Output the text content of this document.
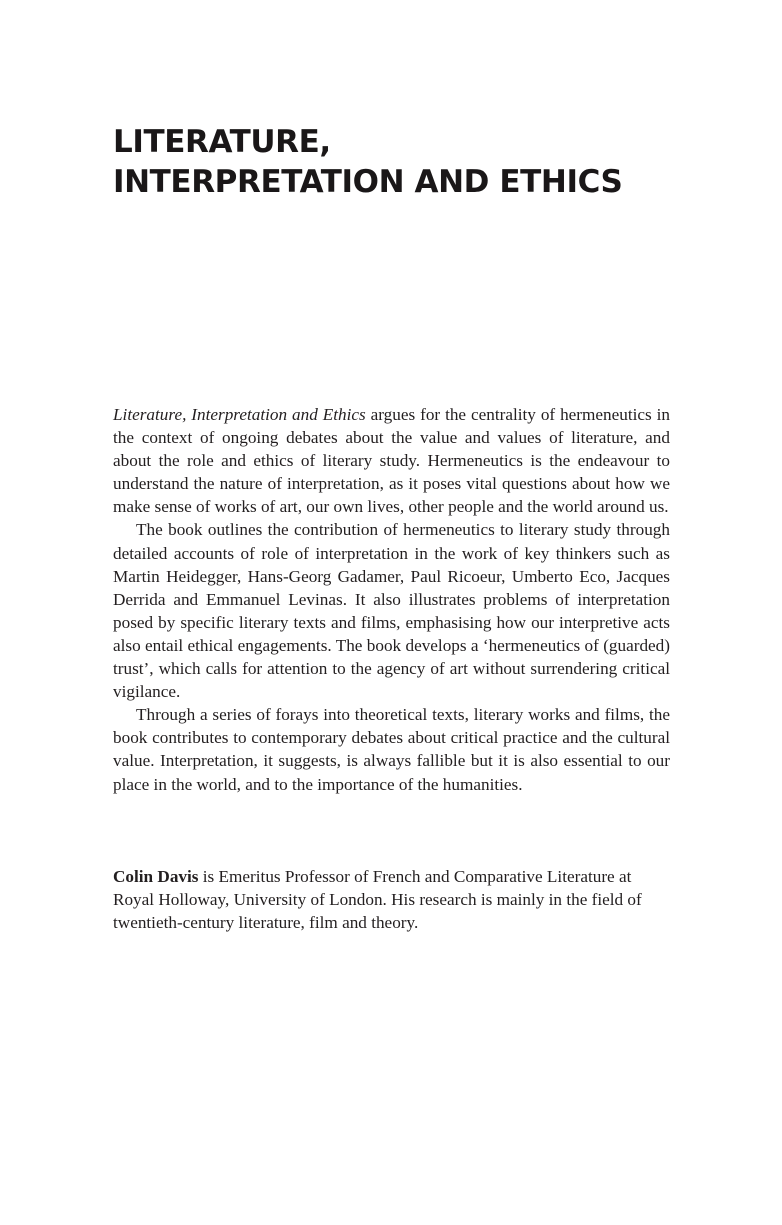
LITERATURE,
INTERPRETATION AND ETHICS

Literature, Interpretation and Ethics argues for the centrality of hermeneutics in the context of ongoing debates about the value and values of literature, and about the role and ethics of literary study. Hermeneutics is the endeavour to understand the nature of interpretation, as it poses vital questions about how we make sense of works of art, our own lives, other people and the world around us.

The book outlines the contribution of hermeneutics to literary study through detailed accounts of role of interpretation in the work of key thinkers such as Martin Heidegger, Hans-Georg Gadamer, Paul Ricoeur, Umberto Eco, Jacques Derrida and Emmanuel Levinas. It also illustrates problems of interpretation posed by specific literary texts and films, emphasising how our interpretive acts also entail ethical engagements. The book develops a ‘hermeneutics of (guarded) trust’, which calls for attention to the agency of art without surrendering critical vigilance.

Through a series of forays into theoretical texts, literary works and films, the book contributes to contemporary debates about critical practice and the cultural value. Interpretation, it suggests, is always fallible but it is also essential to our place in the world, and to the importance of the humanities.

Colin Davis is Emeritus Professor of French and Comparative Literature at Royal Holloway, University of London. His research is mainly in the field of twentieth-century literature, film and theory.
